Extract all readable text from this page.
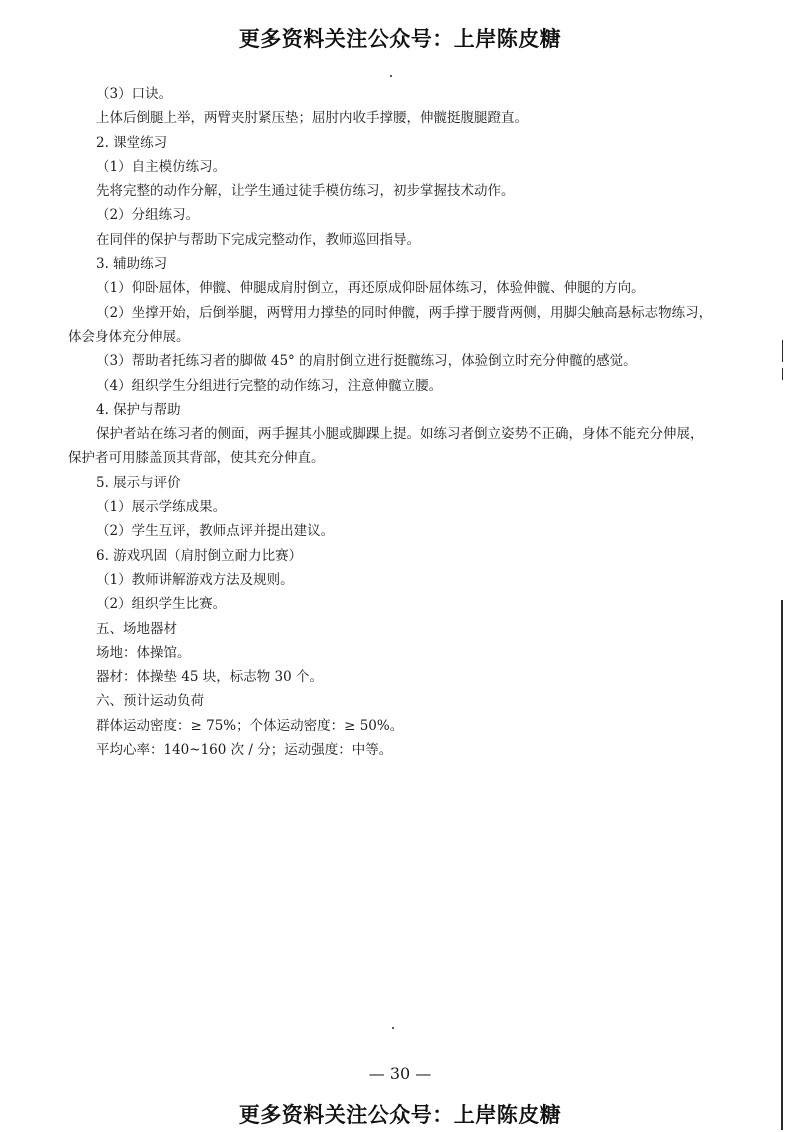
更多资料关注公众号：上岸陈皮糖
（3）口诀。
上体后倒腿上举，两臂夹肘紧压垫；屈肘内收手撑腰，伸髋挺腹腿蹬直。
2. 课堂练习
（1）自主模仿练习。
先将完整的动作分解，让学生通过徒手模仿练习，初步掌握技术动作。
（2）分组练习。
在同伴的保护与帮助下完成完整动作，教师巡回指导。
3. 辅助练习
（1）仰卧屈体，伸髋、伸腿成肩肘倒立，再还原成仰卧屈体练习，体验伸髋、伸腿的方向。
（2）坐撑开始，后倒举腿，两臂用力撑垫的同时伸髋，两手撑于腰背两侧，用脚尖触高悬标志物练习，
体会身体充分伸展。
（3）帮助者托练习者的脚做 45° 的肩肘倒立进行挺髋练习，体验倒立时充分伸髋的感觉。
（4）组织学生分组进行完整的动作练习，注意伸髋立腰。
4. 保护与帮助
保护者站在练习者的侧面，两手握其小腿或脚踝上提。如练习者倒立姿势不正确，身体不能充分伸展，
保护者可用膝盖顶其背部，使其充分伸直。
5. 展示与评价
（1）展示学练成果。
（2）学生互评，教师点评并提出建议。
6. 游戏巩固（肩肘倒立耐力比赛）
（1）教师讲解游戏方法及规则。
（2）组织学生比赛。
五、场地器材
场地：体操馆。
器材：体操垫 45 块，标志物 30 个。
六、预计运动负荷
群体运动密度：≥ 75%；个体运动密度：≥ 50%。
平均心率：140~160 次 / 分；运动强度：中等。
— 30 —
更多资料关注公众号：上岸陈皮糖
